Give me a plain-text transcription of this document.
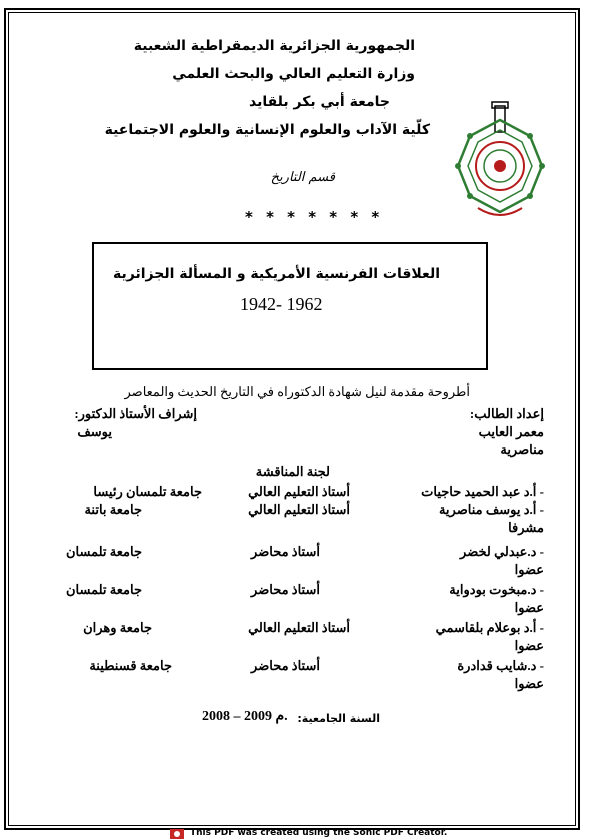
الجمهورية الجزائرية الديمقراطية الشعبية
وزارة التعليم العالي والبحث العلمي
جامعة أبي بكر بلقايد
كلّية الآداب والعلوم الإنسانية والعلوم الاجتماعية
قسم التاريخ
* * * * * * *
العلاقات الفرنسية الأمريكية و المسألة الجزائرية
1942- 1962
أطروحة مقدمة لنيل شهادة الدكتوراه في التاريخ الحديث والمعاصر
إعداد الطالب:
إشراف الأستاذ الدكتور:
معمر العايب
يوسف
مناصرية
لجنة المناقشة
- أ.د عبد الحميد حاجيات
أستاذ التعليم العالي
جامعة تلمسان رئيسا
- أ.د يوسف مناصرية
أستاذ التعليم العالي
جامعة باتنة
مشرفا
- د.عبدلي لخضر
أستاذ محاضر
جامعة تلمسان
عضوا
- د.مبخوت بودواية
أستاذ محاضر
جامعة تلمسان
عضوا
- أ.د بوعلام بلقاسمي
أستاذ التعليم العالي
جامعة وهران
عضوا
- د.شايب قدادرة
أستاذ محاضر
جامعة قسنطينة
عضوا
السنة الجامعية:
2008 – 2009 م.
This PDF was created using the Sonic PDF Creator.
